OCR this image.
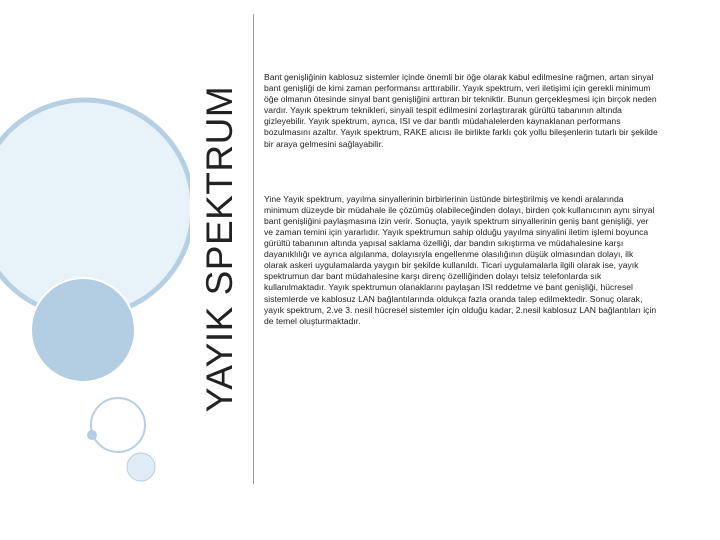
YAYIK SPEKTRUM

Bant genişliğinin kablosuz sistemler içinde önemli bir öğe olarak kabul edilmesine rağmen, artan sinyal bant genişliği de kimi zaman performansı arttırabilir. Yayık spektrum, veri iletişimi için gerekli minimum öğe olmanın ötesinde sinyal bant genişliğini arttıran bir tekniktir. Bunun gerçekleşmesi için birçok neden vardır. Yayık spektrum teknikleri, sinyali tespit edilmesini zorlaştırarak gürültü tabanının altında gizleyebilir. Yayık spektrum, ayrıca, ISI ve dar bantlı müdahalelerden kaynaklanan performans bozulmasını azaltır. Yayık spektrum, RAKE alıcısı ile birlikte farklı çok yollu bileşenlerin tutarlı bir şekilde bir araya gelmesini sağlayabilir.

Yine Yayık spektrum, yayılma sinyallerinin birbirlerinin üstünde birleştirilmiş ve kendi aralarında minimum düzeyde bir müdahale ile çözümüş olabileceğinden dolayı, birden çok kullanıcının aynı sinyal bant genişliğini paylaşmasına izin verir. Sonuçta, yayık spektrum sinyallerinin geniş bant genişliği, yer ve zaman temini için yararlıdır. Yayık spektrumun sahip olduğu yayılma sinyalini iletim işlemi boyunca gürültü tabanının altında yapısal saklama özelliği, dar bandın sıkıştırma ve müdahalesine karşı dayanıklılığı ve ayrıca algılanma, dolayısıyla engellenme olasılığının düşük olmasından dolayı, ilk olarak askeri uygulamalarda yaygın bir şekilde kullanıldı. Ticari uygulamalarla ilgili olarak ise, yayık spektrumun dar bant müdahalesine karşı direnç özelliğinden dolayı telsiz telefonlarda sık kullanılmaktadır. Yayık spektrumun olanaklarını paylaşan ISI reddetme ve bant genişliği, hücresel sistemlerde ve kablosuz LAN bağlantılarında oldukça fazla oranda talep edilmektedir. Sonuç olarak, yayık spektrum, 2.ve 3. nesil hücresel sistemler için olduğu kadar, 2.nesil kablosuz LAN bağlantıları için de temel oluşturmaktadır.
